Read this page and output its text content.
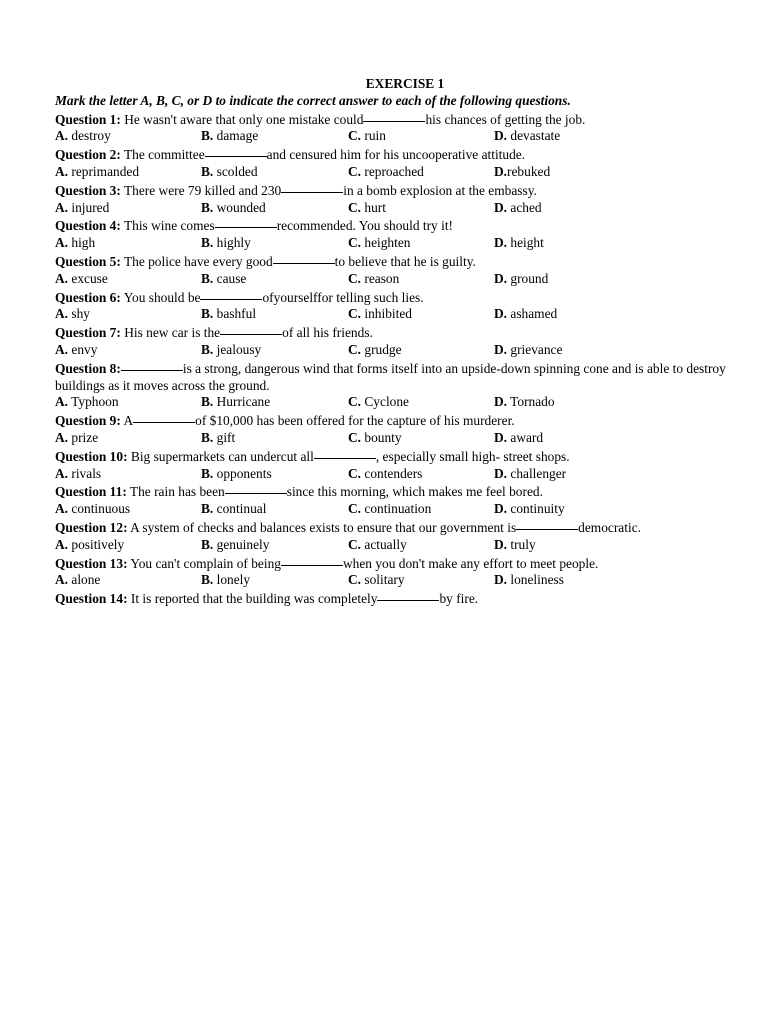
EXERCISE 1
Mark the letter A, B, C, or D to indicate the correct answer to each of the following questions.
Question 1: He wasn't aware that only one mistake could	his chances of getting the job.
A. destroy	B. damage	C. ruin	D. devastate
Question 2: The committee	and censured him for his uncooperative attitude.
A. reprimanded	B. scolded	C. reproached	D.rebuked
Question 3: There were 79 killed and 230	in a bomb explosion at the embassy.
A. injured	B. wounded	C. hurt	D. ached
Question 4: This wine comes	recommended. You should try it!
A. high	B. highly	C. heighten	D. height
Question 5: The police have every good	to believe that he is guilty.
A. excuse	B. cause	C. reason	D. ground
Question 6: You should be	ofyourselffor telling such lies.
A. shy	B. bashful	C. inhibited	D. ashamed
Question 7: His new car is the	of all his friends.
A. envy	B. jealousy	C. grudge	D. grievance
Question 8:	is a strong, dangerous wind that forms itself into an upside-down spinning cone and is able to destroy buildings as it moves across the ground.
A. Typhoon	B. Hurricane	C. Cyclone	D. Tornado
Question 9: A	of $10,000 has been offered for the capture of his murderer.
A. prize	B. gift	C. bounty	D. award
Question 10: Big supermarkets can undercut all	, especially small high- street shops.
A. rivals	B. opponents	C. contenders	D. challenger
Question 11: The rain has been	since this morning, which makes me feel bored.
A. continuous	B. continual	C. continuation	D. continuity
Question 12: A system of checks and balances exists to ensure that our government is	democratic.
A. positively	B. genuinely	C. actually	D. truly
Question 13: You can't complain of being	when you don't make any effort to meet people.
A. alone	B. lonely	C. solitary	D. loneliness
Question 14: It is reported that the building was completely	by fire.
